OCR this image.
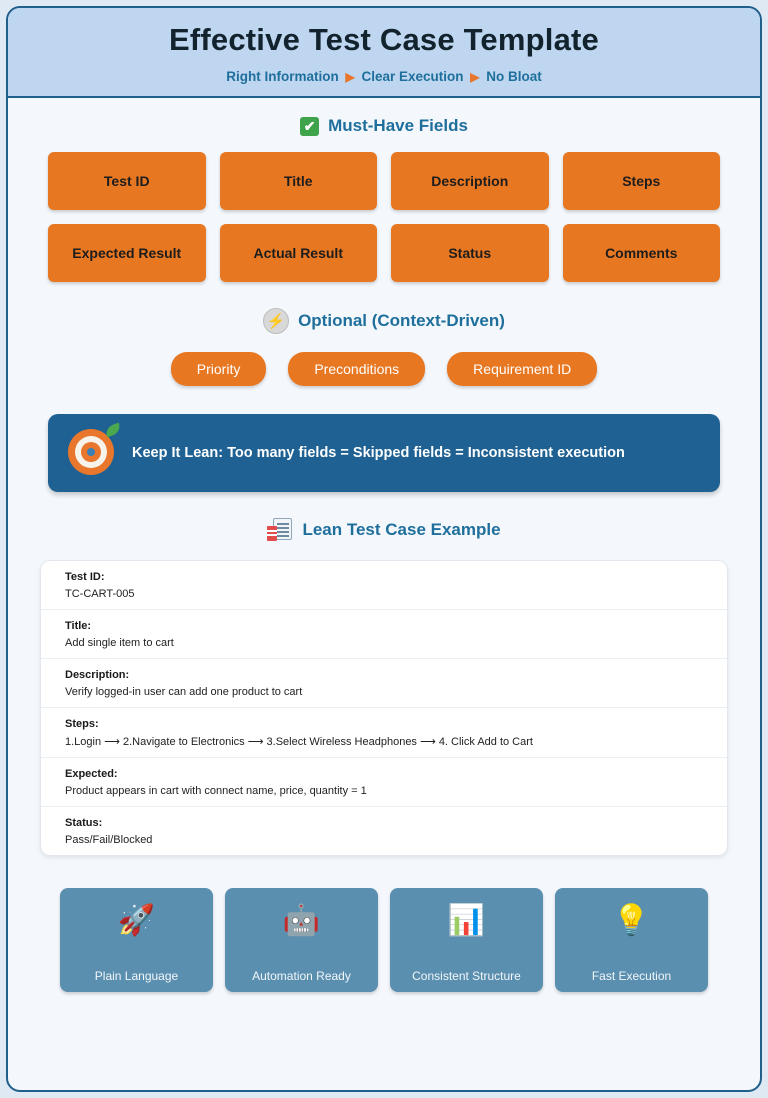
Effective Test Case Template
Right Information ▶ Clear Execution ▶ No Bloat
✔ Must-Have Fields
Test ID	Title	Description	Steps
Expected Result	Actual Result	Status	Comments
⚡ Optional (Context-Driven)
Priority	Preconditions	Requirement ID
Keep It Lean: Too many fields = Skipped fields = Inconsistent execution
Lean Test Case Example
Test ID:
TC-CART-005
Title:
Add single item to cart
Description:
Verify logged-in user can add one product to cart
Steps:
1.Login ⟶ 2.Navigate to Electronics ⟶ 3.Select Wireless Headphones ⟶ 4. Click Add to Cart
Expected:
Product appears in cart with connect name, price, quantity = 1
Status:
Pass/Fail/Blocked
🚀
Plain Language
🤖
Automation Ready
📊
Consistent Structure
💡
Fast Execution
